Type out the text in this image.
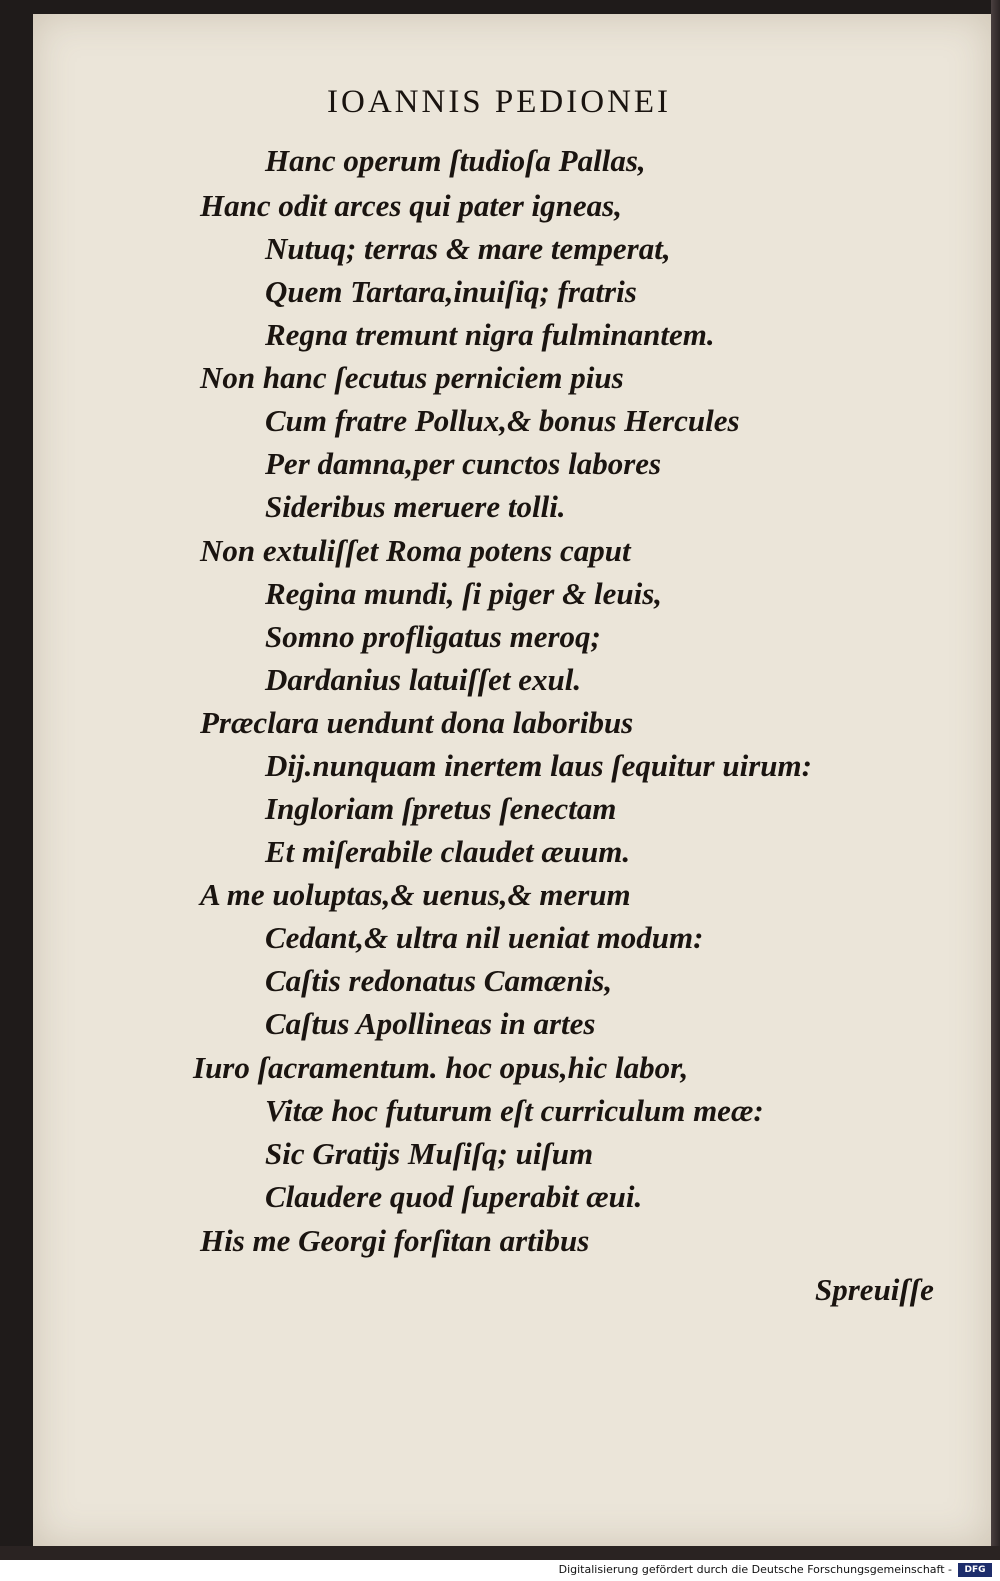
IOANNIS PEDIONEI
Hanc operum ſtudioſa Pallas,
Hanc odit arces qui pater igneas,
Nutuq; terras & mare temperat,
Quem Tartara,inuiſiq; fratris
Regna tremunt nigra fulminantem.
Non hanc ſecutus perniciem pius
Cum fratre Pollux,& bonus Hercules
Per damna,per cunctos labores
Sideribus meruere tolli.
Non extuliſſet Roma potens caput
Regina mundi, ſi piger & leuis,
Somno profligatus meroq;
Dardanius latuiſſet exul.
Præclara uendunt dona laboribus
Dij.nunquam inertem laus ſequitur uirum:
Ingloriam ſpretus ſenectam
Et miſerabile claudet æuum.
A me uoluptas,& uenus,& merum
Cedant,& ultra nil ueniat modum:
Caſtis redonatus Camænis,
Caſtus Apollineas in artes
Iuro ſacramentum. hoc opus,hic labor,
Vitæ hoc futurum eſt curriculum meæ:
Sic Gratijs Muſiſq; uiſum
Claudere quod ſuperabit æui.
His me Georgi forſitan artibus
Spreuiſſe
Digitalisierung gefördert durch die Deutsche Forschungsgemeinschaft -	DFG
